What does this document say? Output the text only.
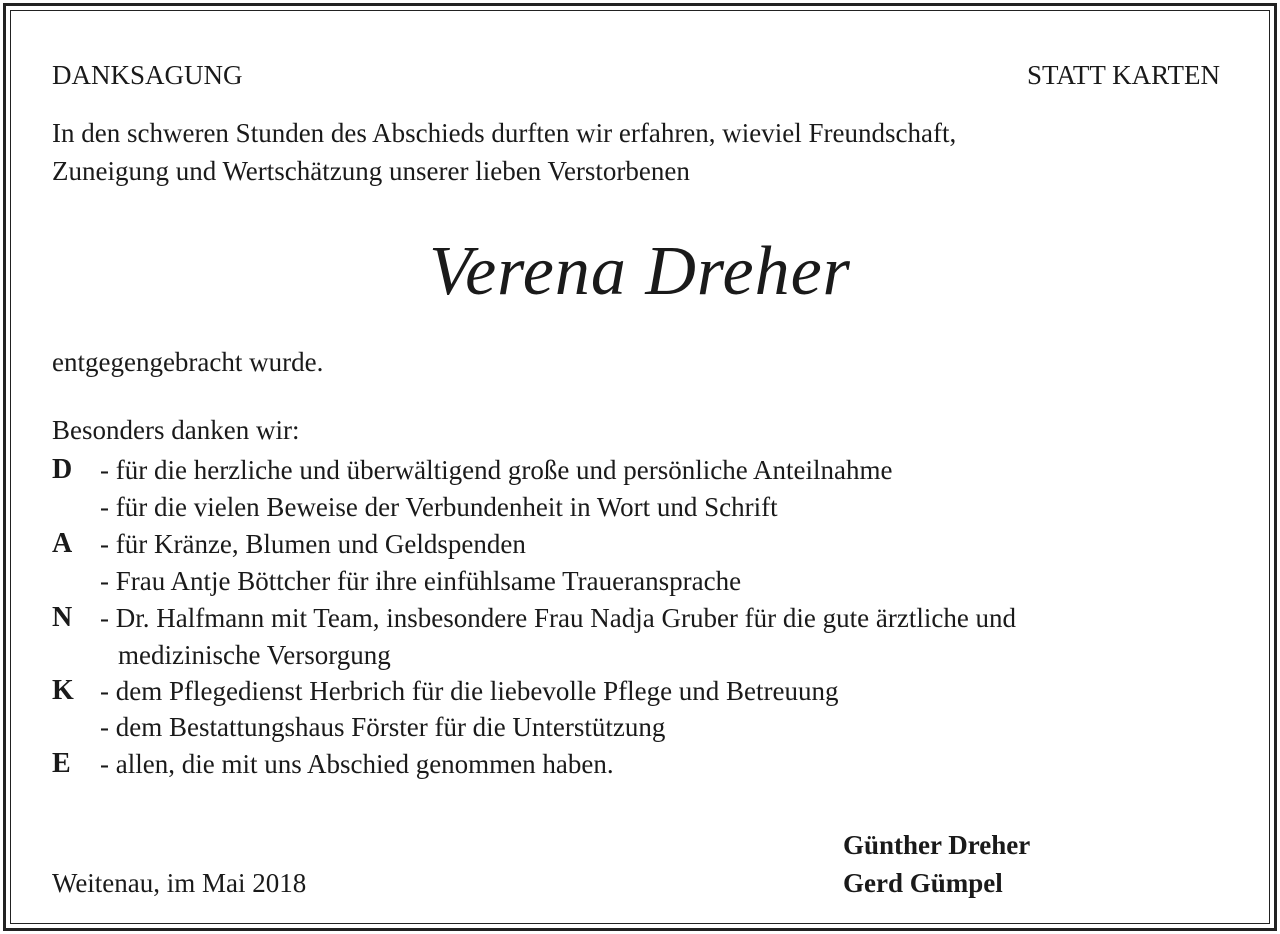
DANKSAGUNG	STATT KARTEN
In den schweren Stunden des Abschieds durften wir erfahren, wieviel Freundschaft,
Zuneigung und Wertschätzung unserer lieben Verstorbenen
Verena Dreher
entgegengebracht wurde.
Besonders danken wir:
D	- für die herzliche und überwältigend große und persönliche Anteilnahme
- für die vielen Beweise der Verbundenheit in Wort und Schrift
A	- für Kränze, Blumen und Geldspenden
- Frau Antje Böttcher für ihre einfühlsame Traueransprache
N	- Dr. Halfmann mit Team, insbesondere Frau Nadja Gruber für die gute ärztliche und
medizinische Versorgung
K - dem Pflegedienst Herbrich für die liebevolle Pflege und Betreuung
- dem Bestattungshaus Förster für die Unterstützung
E	- allen, die mit uns Abschied genommen haben.
Weitenau, im Mai 2018
Günther Dreher
Gerd Gümpel
